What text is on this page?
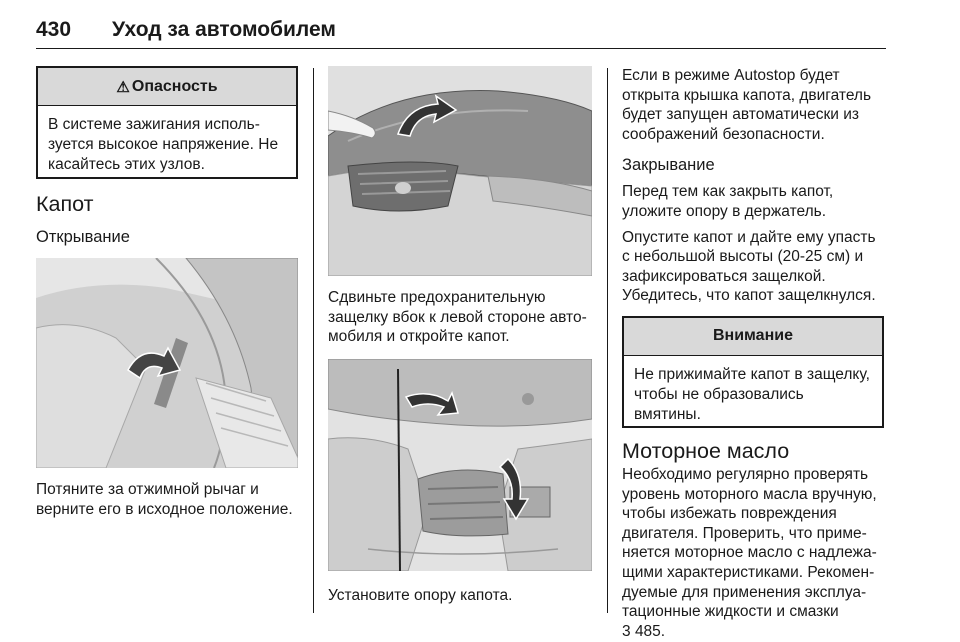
430 Уход за автомобилем
⚠ Опасность
В системе зажигания исполь-зуется высокое напряжение. Не касайтесь этих узлов.
Капот
Открывание
Потяните за отжимной рычаг и верните его в исходное положение.
Сдвиньте предохранительную защелку вбок к левой стороне авто-мобиля и откройте капот.
Установите опору капота.
Если в режиме Autostop будет открыта крышка капота, двигатель будет запущен автоматически из соображений безопасности.
Закрывание
Перед тем как закрыть капот, уложите опору в держатель.
Опустите капот и дайте ему упасть с небольшой высоты (20-25 см) и зафиксироваться защелкой. Убедитесь, что капот защелкнулся.
Внимание
Не прижимайте капот в защелку, чтобы не образовались вмятины.
Моторное масло
Необходимо регулярно проверять уровень моторного масла вручную, чтобы избежать повреждения двигателя. Проверить, что приме-няется моторное масло с надлежа-щими характеристиками. Рекомен-дуемые для применения эксплуа-тационные жидкости и смазки
3 485.
